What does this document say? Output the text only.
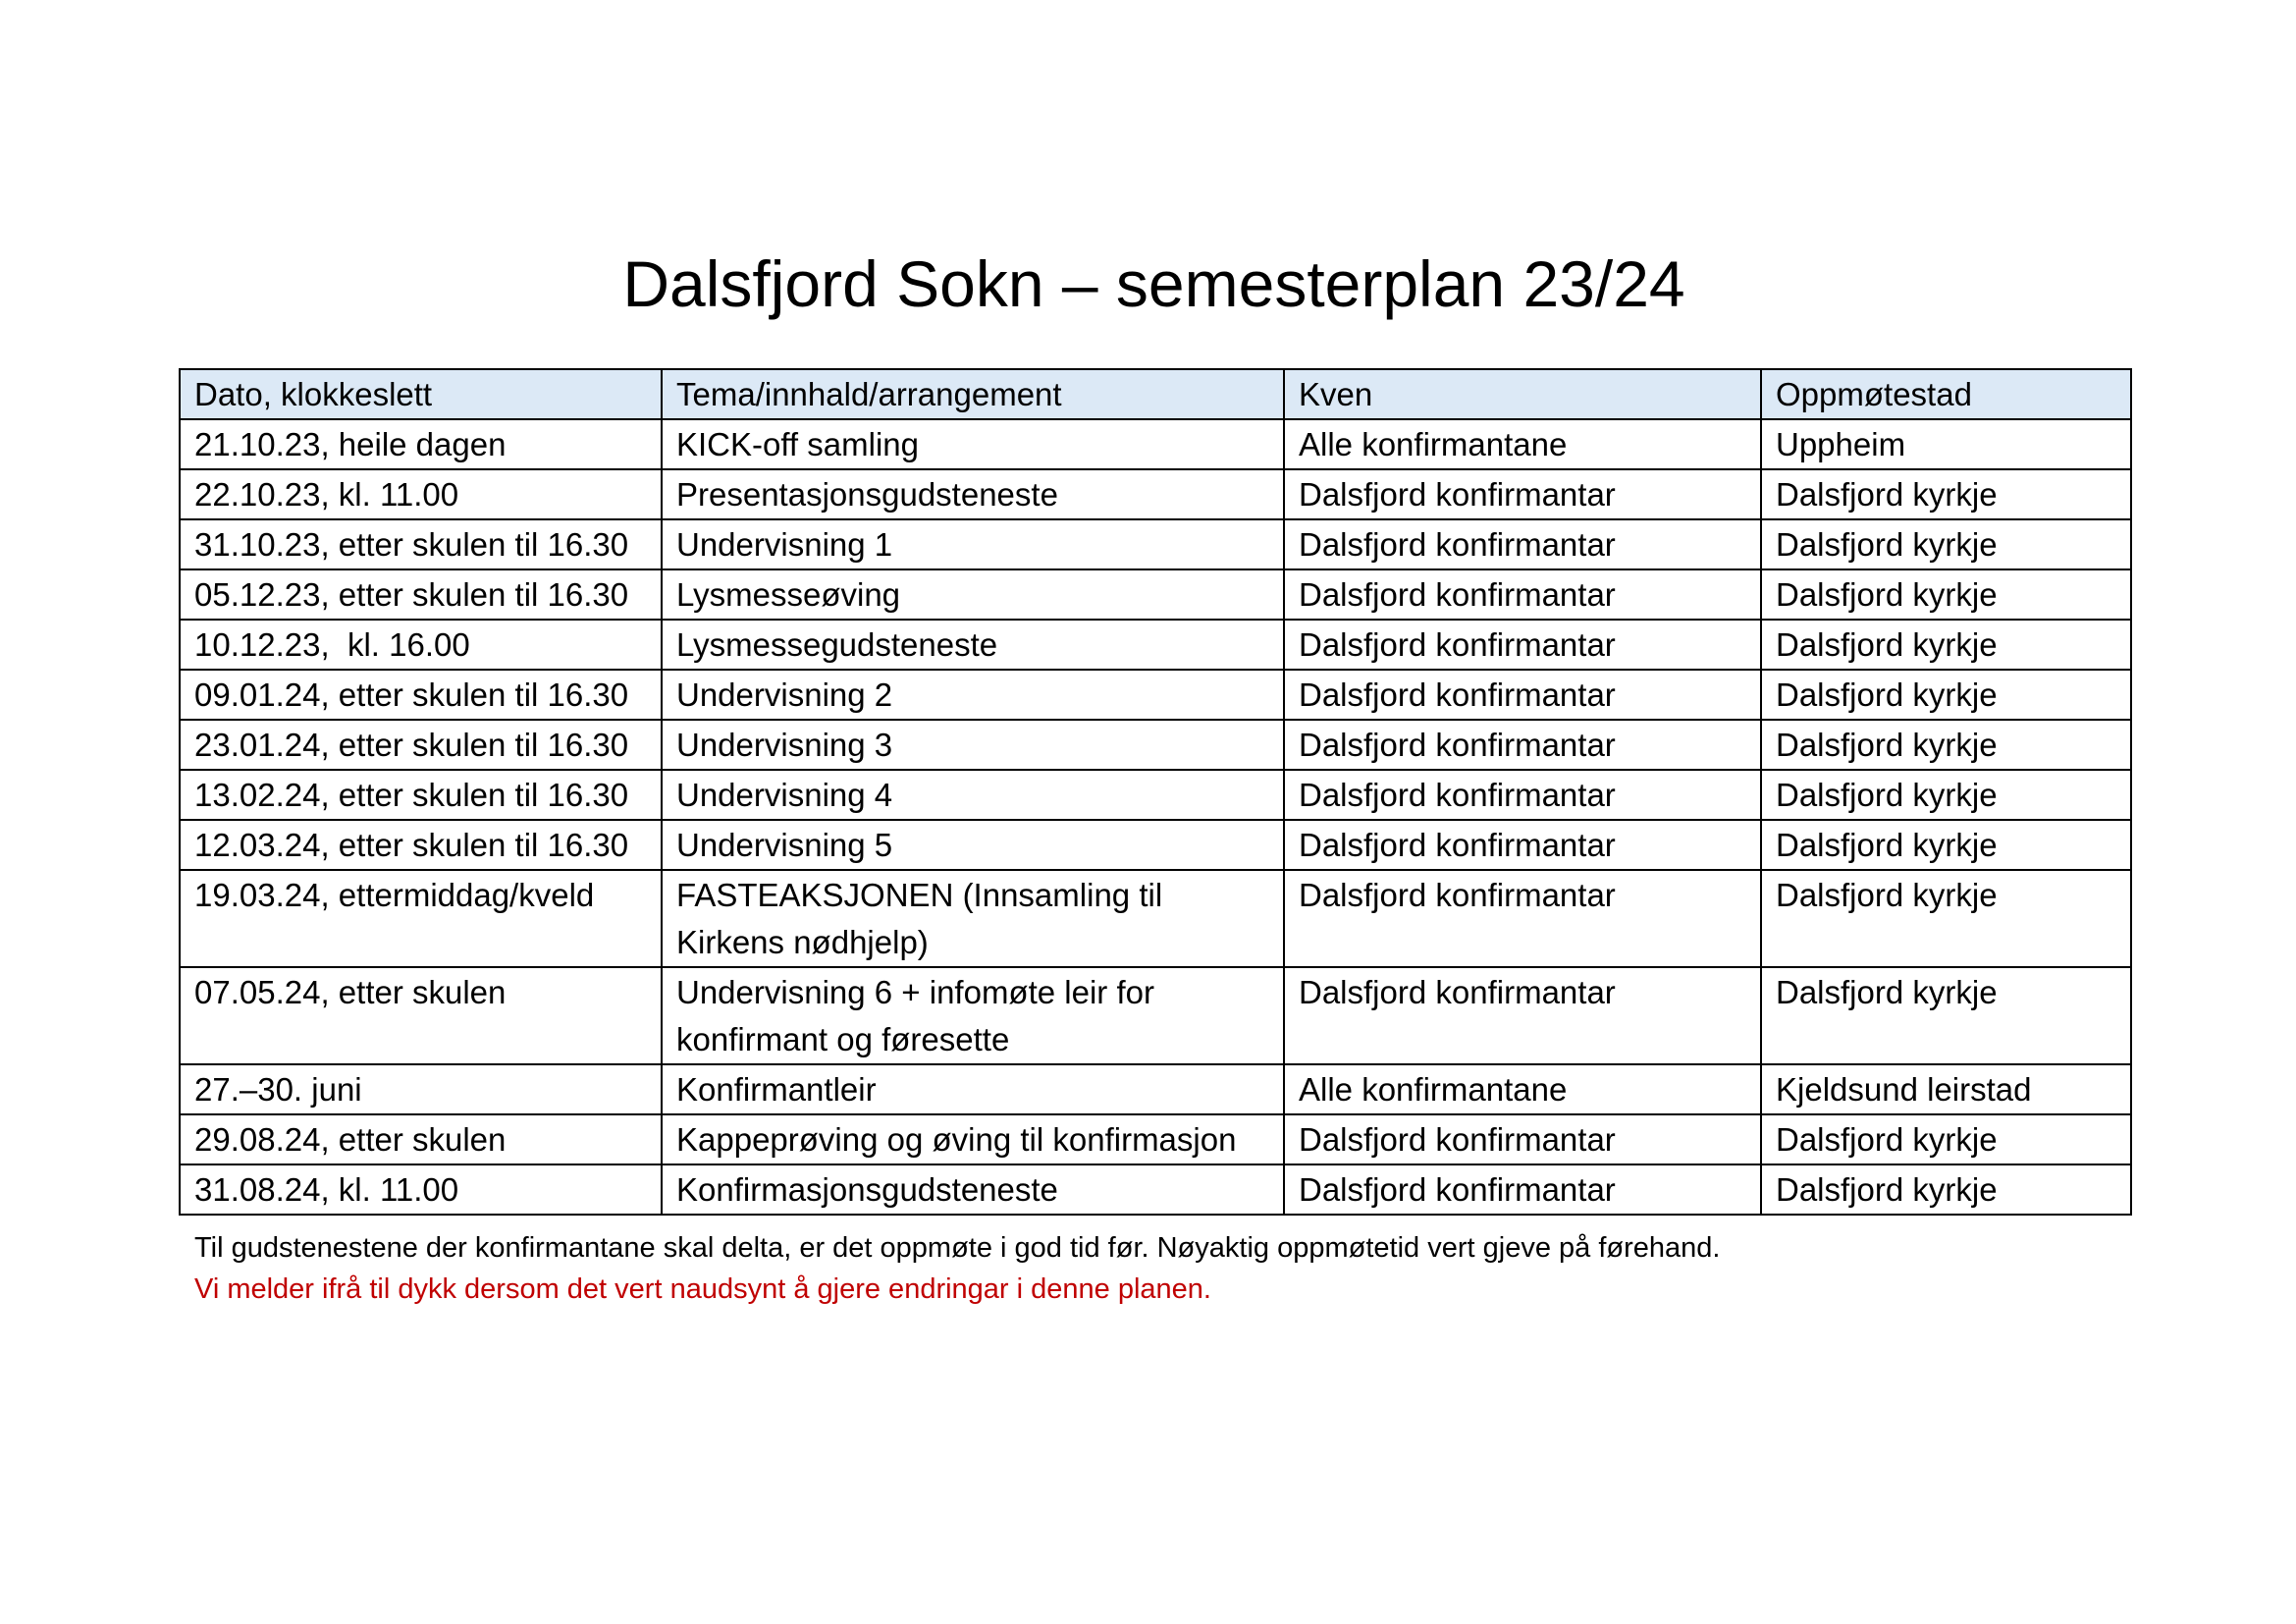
Dalsfjord Sokn – semesterplan 23/24
Dato, klokkeslett	Tema/innhald/arrangement	Kven	Oppmøtestad
21.10.23, heile dagen	KICK-off samling	Alle konfirmantane	Uppheim
22.10.23, kl. 11.00	Presentasjonsgudsteneste	Dalsfjord konfirmantar	Dalsfjord kyrkje
31.10.23, etter skulen til 16.30	Undervisning 1	Dalsfjord konfirmantar	Dalsfjord kyrkje
05.12.23, etter skulen til 16.30	Lysmesseøving	Dalsfjord konfirmantar	Dalsfjord kyrkje
10.12.23,  kl. 16.00	Lysmessegudsteneste	Dalsfjord konfirmantar	Dalsfjord kyrkje
09.01.24, etter skulen til 16.30	Undervisning 2	Dalsfjord konfirmantar	Dalsfjord kyrkje
23.01.24, etter skulen til 16.30	Undervisning 3	Dalsfjord konfirmantar	Dalsfjord kyrkje
13.02.24, etter skulen til 16.30	Undervisning 4	Dalsfjord konfirmantar	Dalsfjord kyrkje
12.03.24, etter skulen til 16.30	Undervisning 5	Dalsfjord konfirmantar	Dalsfjord kyrkje
19.03.24, ettermiddag/kveld	FASTEAKSJONEN (Innsamling til Kirkens nødhjelp)	Dalsfjord konfirmantar	Dalsfjord kyrkje
07.05.24, etter skulen	Undervisning 6 + infomøte leir for konfirmant og føresette	Dalsfjord konfirmantar	Dalsfjord kyrkje
27.–30. juni	Konfirmantleir	Alle konfirmantane	Kjeldsund leirstad
29.08.24, etter skulen	Kappeprøving og øving til konfirmasjon	Dalsfjord konfirmantar	Dalsfjord kyrkje
31.08.24, kl. 11.00	Konfirmasjonsgudsteneste	Dalsfjord konfirmantar	Dalsfjord kyrkje

Til gudstenestene der konfirmantane skal delta, er det oppmøte i god tid før. Nøyaktig oppmøtetid vert gjeve på førehand.

Vi melder ifrå til dykk dersom det vert naudsynt å gjere endringar i denne planen.
